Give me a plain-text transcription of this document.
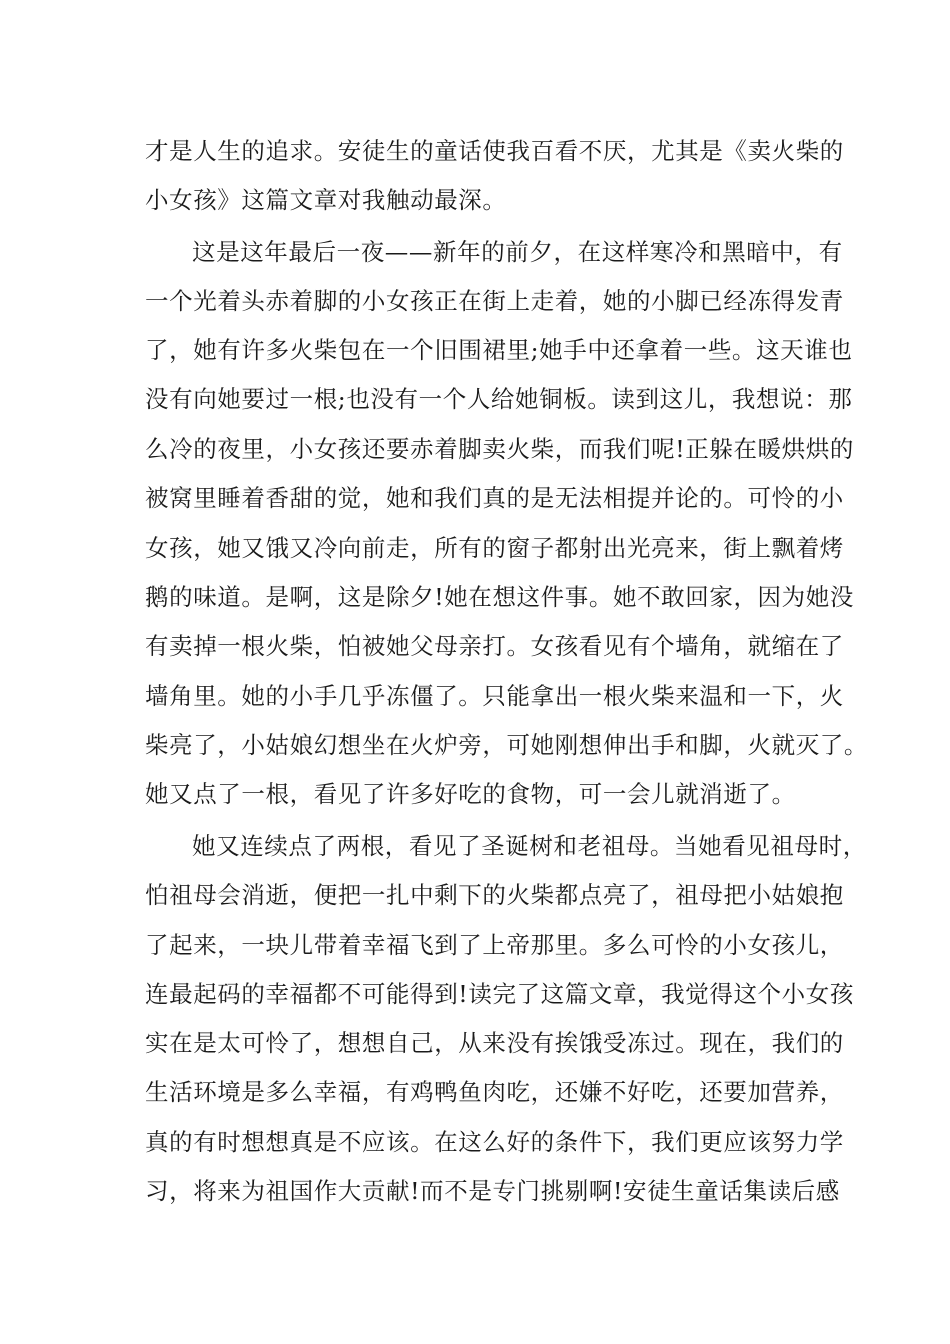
才是人生的追求。安徒生的童话使我百看不厌，尤其是《卖火柴的
小女孩》这篇文章对我触动最深。
这是这年最后一夜——新年的前夕，在这样寒冷和黑暗中，有
一个光着头赤着脚的小女孩正在街上走着，她的小脚已经冻得发青
了，她有许多火柴包在一个旧围裙里;她手中还拿着一些。这天谁也
没有向她要过一根;也没有一个人给她铜板。读到这儿，我想说：那
么冷的夜里，小女孩还要赤着脚卖火柴，而我们呢!正躲在暖烘烘的
被窝里睡着香甜的觉，她和我们真的是无法相提并论的。可怜的小
女孩，她又饿又冷向前走，所有的窗子都射出光亮来，街上飘着烤
鹅的味道。是啊，这是除夕!她在想这件事。她不敢回家，因为她没
有卖掉一根火柴，怕被她父母亲打。女孩看见有个墙角，就缩在了
墙角里。她的小手几乎冻僵了。只能拿出一根火柴来温和一下，火
柴亮了，小姑娘幻想坐在火炉旁，可她刚想伸出手和脚，火就灭了。
她又点了一根，看见了许多好吃的食物，可一会儿就消逝了。
她又连续点了两根，看见了圣诞树和老祖母。当她看见祖母时，
怕祖母会消逝，便把一扎中剩下的火柴都点亮了，祖母把小姑娘抱
了起来，一块儿带着幸福飞到了上帝那里。多么可怜的小女孩儿，
连最起码的幸福都不可能得到!读完了这篇文章，我觉得这个小女孩
实在是太可怜了，想想自己，从来没有挨饿受冻过。现在，我们的
生活环境是多么幸福，有鸡鸭鱼肉吃，还嫌不好吃，还要加营养，
真的有时想想真是不应该。在这么好的条件下，我们更应该努力学
习，将来为祖国作大贡献!而不是专门挑剔啊!安徒生童话集读后感
